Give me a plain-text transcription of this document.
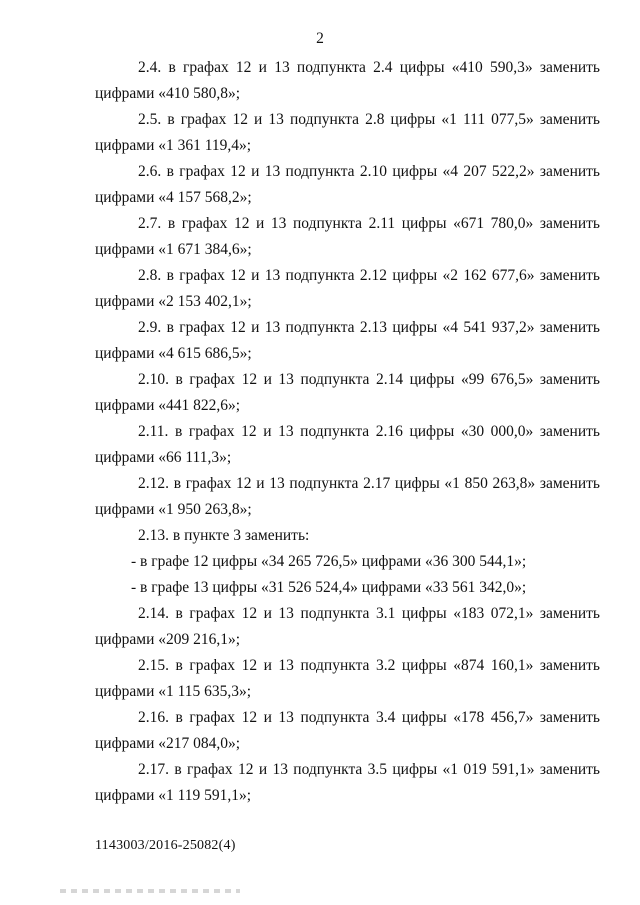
2

2.4. в графах 12 и 13 подпункта 2.4 цифры «410 590,3» заменить
цифрами «410 580,8»;

2.5. в графах 12 и 13 подпункта 2.8 цифры «1 111 077,5» заменить
цифрами «1 361 119,4»;

2.6. в графах 12 и 13 подпункта 2.10 цифры «4 207 522,2» заменить
цифрами «4 157 568,2»;

2.7. в графах 12 и 13 подпункта 2.11 цифры «671 780,0» заменить
цифрами «1 671 384,6»;

2.8. в графах 12 и 13 подпункта 2.12 цифры «2 162 677,6» заменить
цифрами «2 153 402,1»;

2.9. в графах 12 и 13 подпункта 2.13 цифры «4 541 937,2» заменить
цифрами «4 615 686,5»;

2.10. в графах 12 и 13 подпункта 2.14 цифры «99 676,5» заменить
цифрами «441 822,6»;

2.11. в графах 12 и 13 подпункта 2.16 цифры «30 000,0» заменить
цифрами «66 111,3»;

2.12. в графах 12 и 13 подпункта 2.17 цифры «1 850 263,8» заменить
цифрами «1 950 263,8»;

2.13. в пункте 3 заменить:

- в графе 12 цифры «34 265 726,5» цифрами «36 300 544,1»;

- в графе 13 цифры «31 526 524,4» цифрами «33 561 342,0»;

2.14. в графах 12 и 13 подпункта 3.1 цифры «183 072,1» заменить
цифрами «209 216,1»;

2.15. в графах 12 и 13 подпункта 3.2 цифры «874 160,1» заменить
цифрами «1 115 635,3»;

2.16. в графах 12 и 13 подпункта 3.4 цифры «178 456,7» заменить
цифрами «217 084,0»;

2.17. в графах 12 и 13 подпункта 3.5 цифры «1 019 591,1» заменить
цифрами «1 119 591,1»;

1143003/2016-25082(4)
